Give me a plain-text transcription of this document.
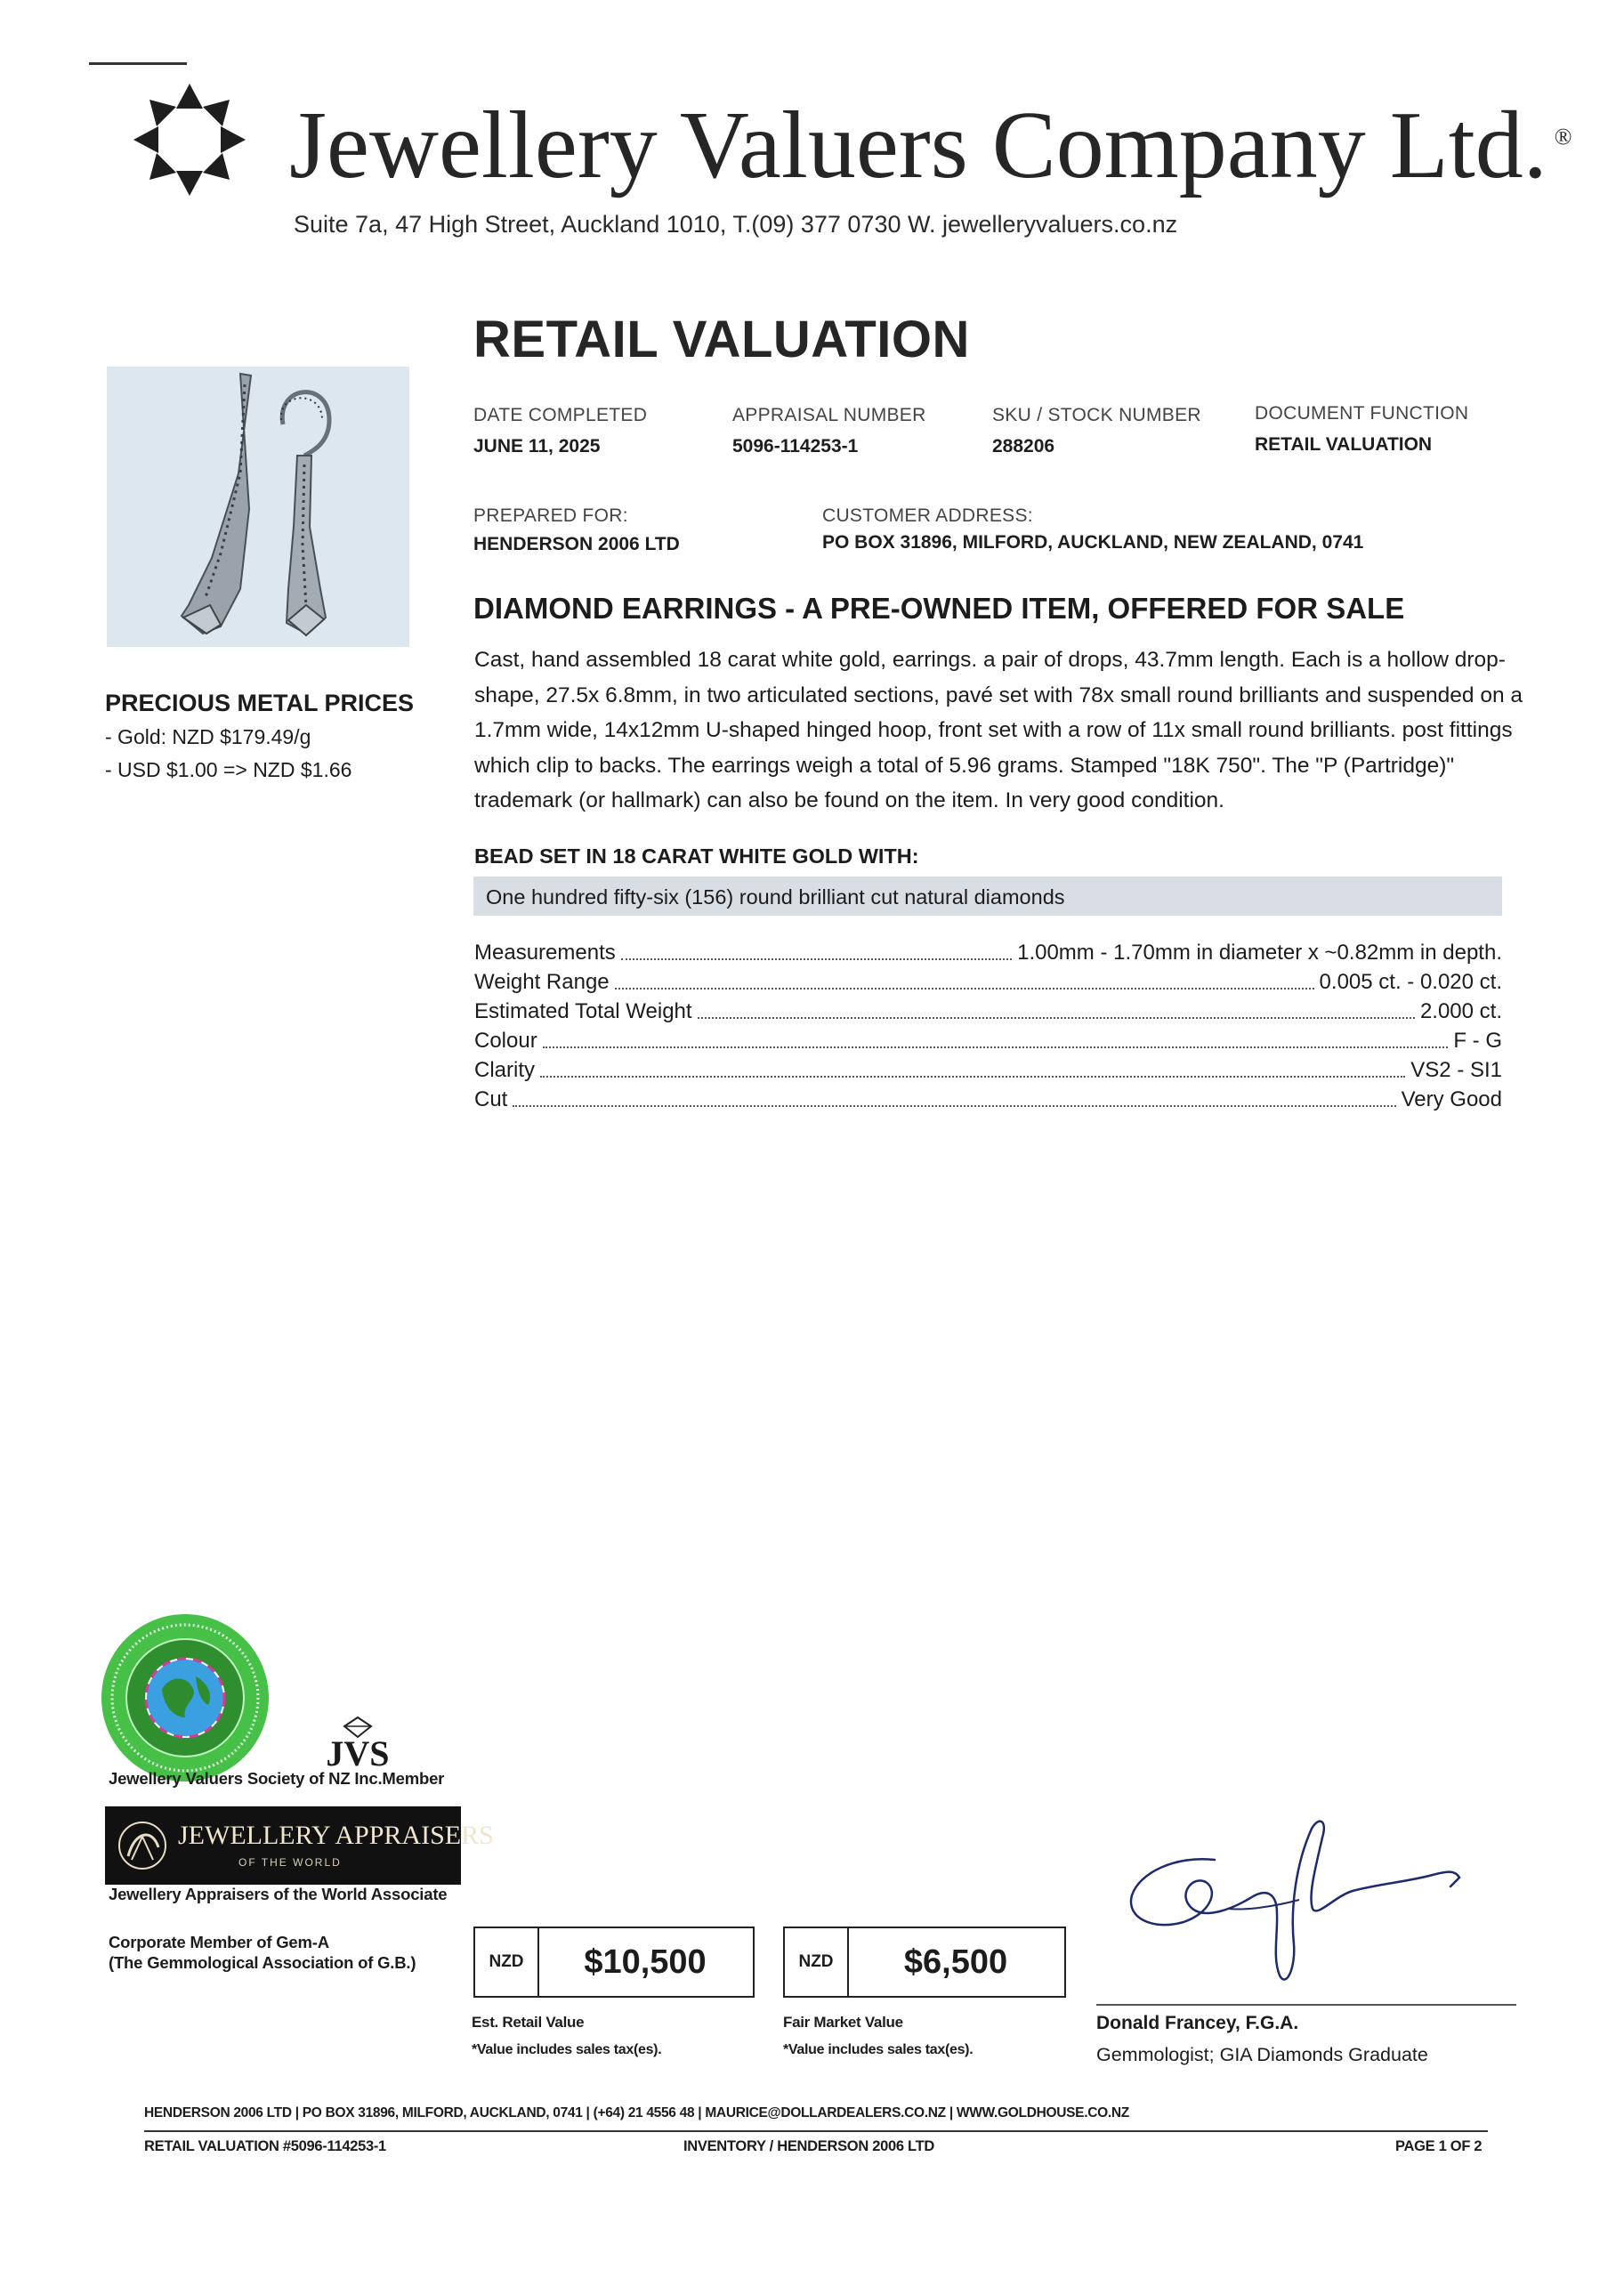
Jewellery Valuers Company Ltd. ®
Suite 7a, 47 High Street, Auckland 1010, T.(09) 377 0730 W. jewelleryvaluers.co.nz
RETAIL VALUATION
DATE COMPLETED
JUNE 11, 2025
APPRAISAL NUMBER
5096-114253-1
SKU / STOCK NUMBER
288206
DOCUMENT FUNCTION
RETAIL VALUATION
PREPARED FOR:
HENDERSON 2006 LTD
CUSTOMER ADDRESS:
PO BOX 31896, MILFORD, AUCKLAND, NEW ZEALAND, 0741
PRECIOUS METAL PRICES
- Gold: NZD $179.49/g
- USD $1.00 => NZD $1.66
DIAMOND EARRINGS - A PRE-OWNED ITEM, OFFERED FOR SALE
Cast, hand assembled 18 carat white gold, earrings. a pair of drops, 43.7mm length. Each is a hollow drop-shape, 27.5x 6.8mm, in two articulated sections, pavé set with 78x small round brilliants and suspended on a 1.7mm wide, 14x12mm U-shaped hinged hoop, front set with a row of 11x small round brilliants. post fittings which clip to backs. The earrings weigh a total of 5.96 grams. Stamped "18K 750". The "P (Partridge)" trademark (or hallmark) can also be found on the item. In very good condition.
BEAD SET IN 18 CARAT WHITE GOLD WITH:
One hundred fifty-six (156) round brilliant cut natural diamonds
Measurements	1.00mm - 1.70mm in diameter x ~0.82mm in depth.
Weight Range	0.005 ct. - 0.020 ct.
Estimated Total Weight	2.000 ct.
Colour	F - G
Clarity	VS2 - SI1
Cut	Very Good
JVS
Jewellery Valuers Society of NZ Inc.Member
JEWELLERY APPRAISERS
OF THE WORLD
Jewellery Appraisers of the World Associate
Corporate Member of Gem-A
(The Gemmological Association of G.B.)	NZD	$10,500
Est. Retail Value
*Value includes sales tax(es).
NZD	$6,500
Fair Market Value
*Value includes sales tax(es).
Donald Francey, F.G.A.
Gemmologist; GIA Diamonds Graduate
HENDERSON 2006 LTD | PO BOX 31896, MILFORD, AUCKLAND, 0741 | (+64) 21 4556 48 | MAURICE@DOLLARDEALERS.CO.NZ | WWW.GOLDHOUSE.CO.NZ
RETAIL VALUATION #5096-114253-1	INVENTORY / HENDERSON 2006 LTD	PAGE 1 OF 2
